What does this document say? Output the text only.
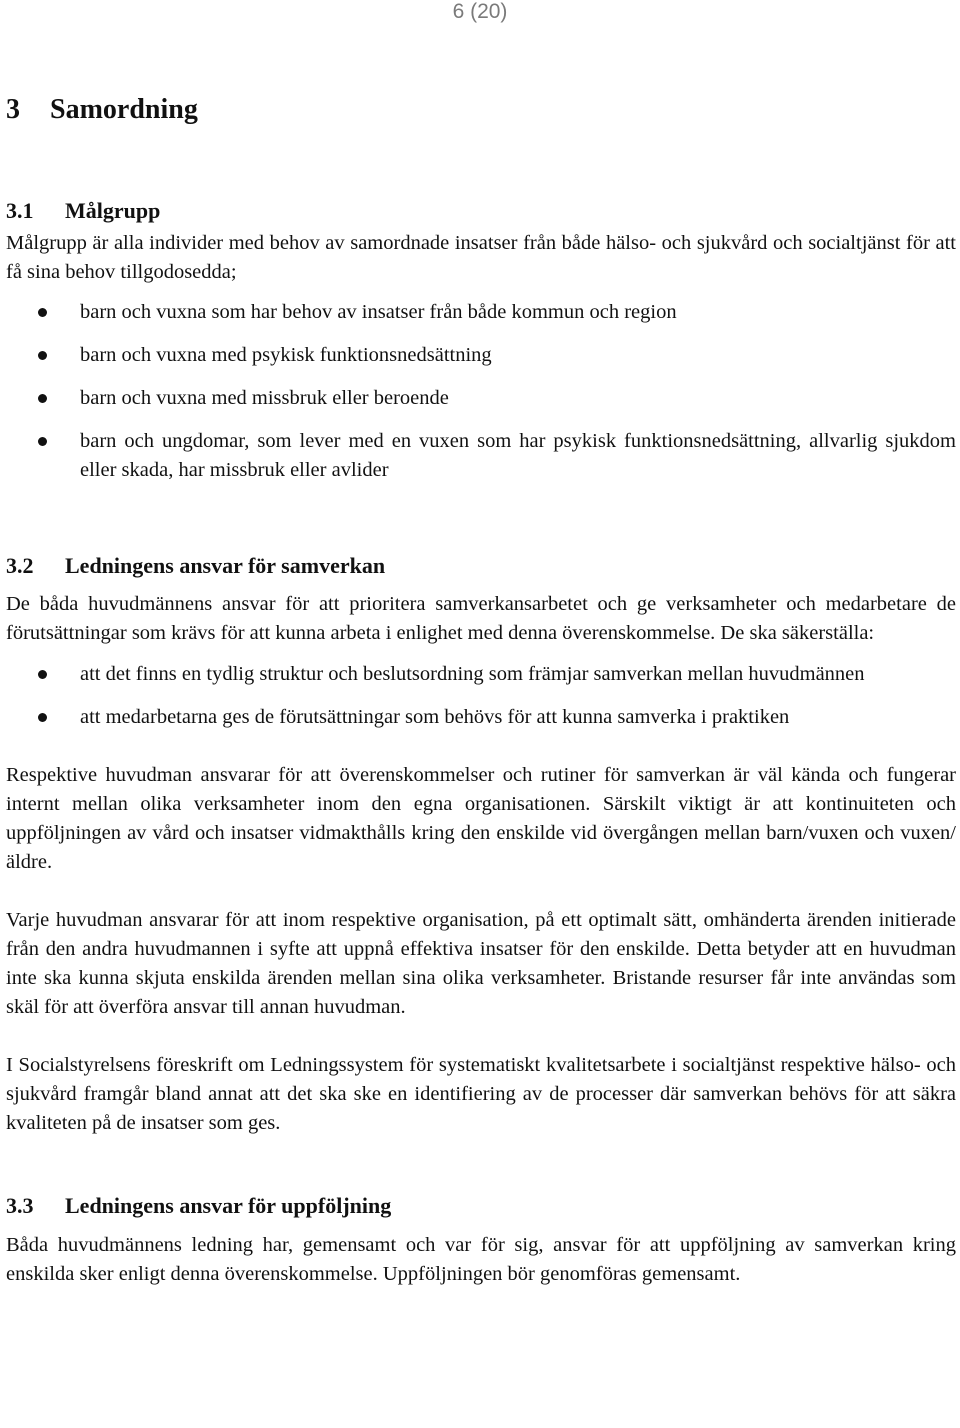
6 (20)
3	Samordning
3.1	Målgrupp

Målgrupp är alla individer med behov av samordnade insatser från både hälso- och sjukvård och socialtjänst för att få sina behov tillgodosedda;

barn och vuxna som har behov av insatser från både kommun och region
barn och vuxna med psykisk funktionsnedsättning
barn och vuxna med missbruk eller beroende
barn och ungdomar, som lever med en vuxen som har psykisk funktionsnedsättning, allvarlig sjukdom eller skada, har missbruk eller avlider
3.2	Ledningens ansvar för samverkan

De båda huvudmännens ansvar för att prioritera samverkansarbetet och ge verksamheter och medarbetare de förutsättningar som krävs för att kunna arbeta i enlighet med denna överenskommelse. De ska säkerställa:

att det finns en tydlig struktur och beslutsordning som främjar samverkan mellan huvudmännen
att medarbetarna ges de förutsättningar som behövs för att kunna samverka i praktiken

Respektive huvudman ansvarar för att överenskommelser och rutiner för samverkan är väl kända och fungerar internt mellan olika verksamheter inom den egna organisationen. Särskilt viktigt är att kontinuiteten och uppföljningen av vård och insatser vidmakthålls kring den enskilde vid övergången mellan barn/vuxen och vuxen/äldre.

Varje huvudman ansvarar för att inom respektive organisation, på ett optimalt sätt, omhänderta ärenden initierade från den andra huvudmannen i syfte att uppnå effektiva insatser för den enskilde. Detta betyder att en huvudman inte ska kunna skjuta enskilda ärenden mellan sina olika verksamheter. Bristande resurser får inte användas som skäl för att överföra ansvar till annan huvudman.

I Socialstyrelsens föreskrift om Ledningssystem för systematiskt kvalitetsarbete i socialtjänst respektive hälso- och sjukvård framgår bland annat att det ska ske en identifiering av de processer där samverkan behövs för att säkra kvaliteten på de insatser som ges.

3.3	Ledningens ansvar för uppföljning

Båda huvudmännens ledning har, gemensamt och var för sig, ansvar för att uppföljning av samverkan kring enskilda sker enligt denna överenskommelse. Uppföljningen bör genomföras gemensamt.
